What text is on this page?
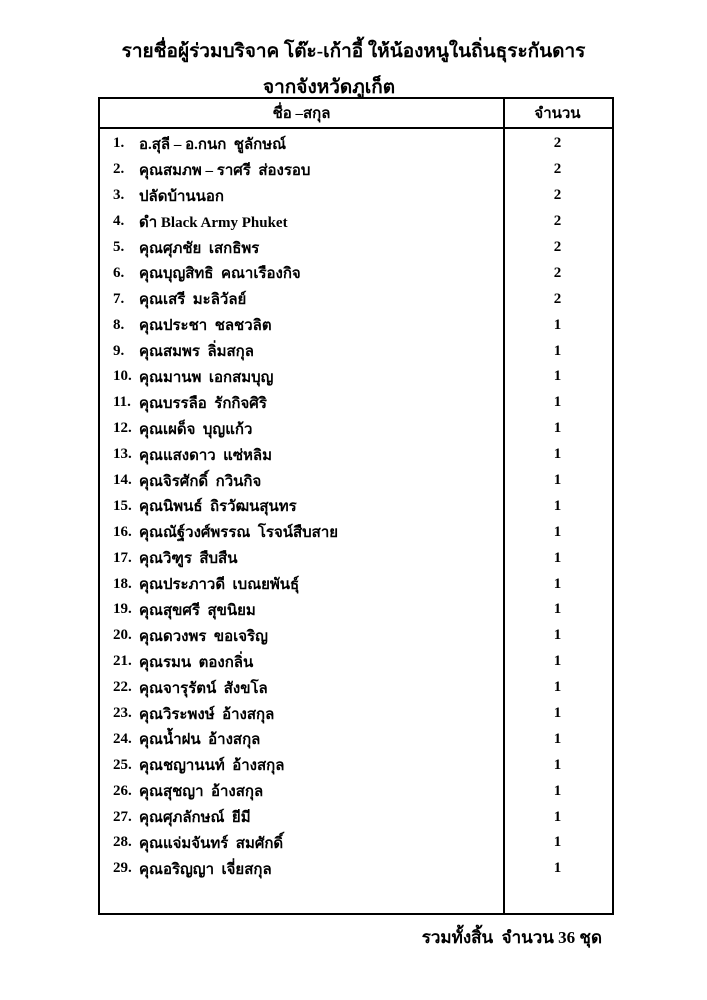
รายชื่อผู้ร่วมบริจาค โต๊ะ-เก้าอี้ ให้น้องหนูในถิ่นธุระกันดาร
จากจังหวัดภูเก็ต
ชื่อ –สกุล	จำนวน
1. อ.สุลี – อ.กนก  ชูลักษณ์	2
2. คุณสมภพ – ราศรี  ส่องรอบ	2
3. ปลัดบ้านนอก	2
4. ดำ Black Army Phuket	2
5. คุณศุภชัย  เสกธิพร	2
6. คุณบุญสิทธิ  คณาเรืองกิจ	2
7. คุณเสรี  มะลิวัลย์	2
8. คุณประชา  ชลชวลิต	1
9. คุณสมพร  ลิ่มสกุล	1
10. คุณมานพ  เอกสมบุญ	1
11. คุณบรรลือ  รักกิจศิริ	1
12. คุณเผด็จ  บุญแก้ว	1
13. คุณแสงดาว  แซ่หลิม	1
14. คุณจิรศักดิ์  กวินกิจ	1
15. คุณนิพนธ์  ถิรวัฒนสุนทร	1
16. คุณณัฐ์วงศ์พรรณ  โรจน์สืบสาย	1
17. คุณวิฑูร  สืบสืน	1
18. คุณประภาวดี  เบณยพันธุ์	1
19. คุณสุขศรี  สุขนิยม	1
20. คุณดวงพร  ขอเจริญ	1
21. คุณรมน  ตองกลิ่น	1
22. คุณจารุรัตน์  สังขโล	1
23. คุณวิระพงษ์  อ้างสกุล	1
24. คุณน้ำฝน  อ้างสกุล	1
25. คุณชญานนท์  อ้างสกุล	1
26. คุณสุชญา  อ้างสกุล	1
27. คุณศุภลักษณ์  ยีมี	1
28. คุณแจ่มจันทร์  สมศักดิ์	1
29. คุณอริญญา  เจี่ยสกุล	1
รวมทั้งสิ้น  จำนวน 36 ชุด
